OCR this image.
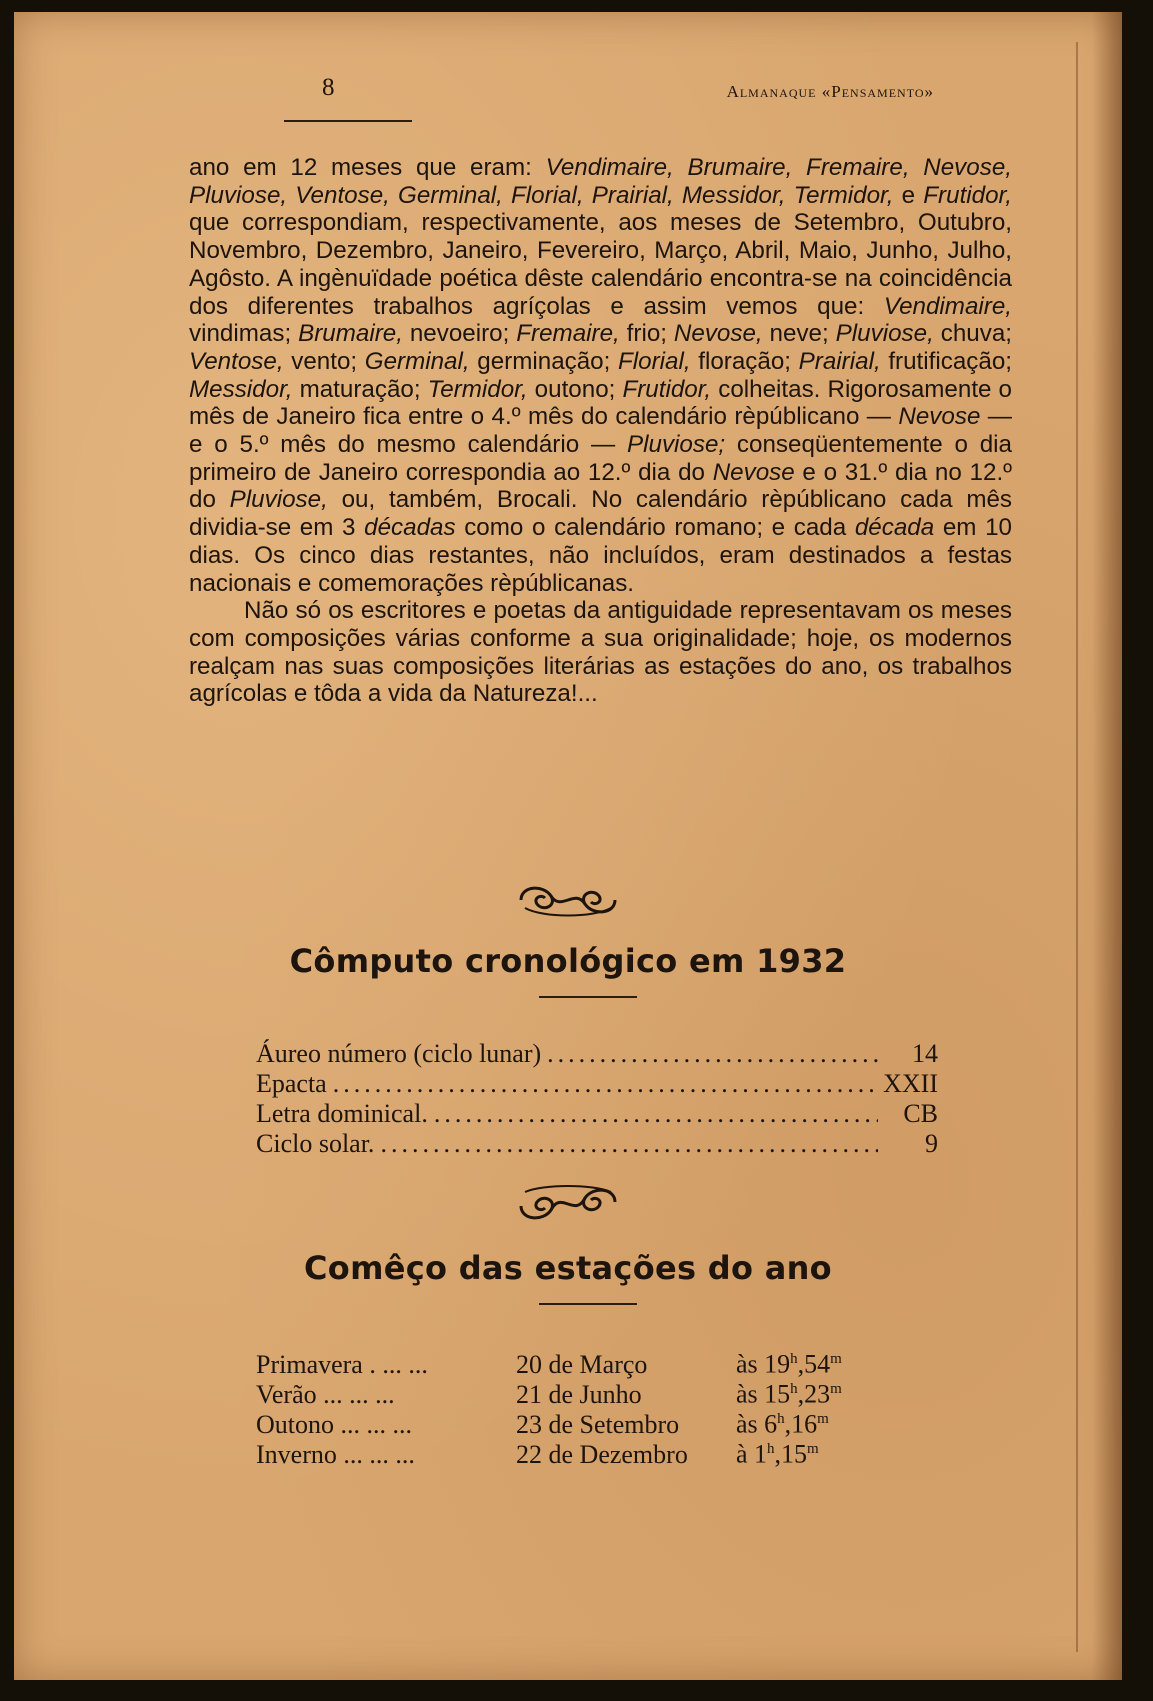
8	Almanaque «Pensamento»

ano em 12 meses que eram: Vendimaire, Brumaire, Fremaire, Nevose, Pluviose, Ventose, Germinal, Florial, Prairial, Messidor, Termidor, e Frutidor, que correspondiam, respectivamente, aos meses de Setembro, Outubro, Novembro, Dezembro, Janeiro, Fevereiro, Março, Abril, Maio, Junho, Julho, Agôsto. A ingènuïdade poética dêste calendário encontra-se na coincidência dos diferentes trabalhos agríçolas e assim vemos que: Vendimaire, vindimas; Brumaire, nevoeiro; Fremaire, frio; Nevose, neve; Pluviose, chuva; Ventose, vento; Germinal, germinação; Florial, floração; Prairial, frutificação; Messidor, maturação; Termidor, outono; Frutidor, colheitas. Rigorosamente o mês de Janeiro fica entre o 4.º mês do calendário rèpúblicano — Nevose — e o 5.º mês do mesmo calendário — Pluviose; conseqüentemente o dia primeiro de Janeiro correspondia ao 12.º dia do Nevose e o 31.º dia no 12.º do Pluviose, ou, também, Brocali. No calendário rèpúblicano cada mês dividia-se em 3 décadas como o calendário romano; e cada década em 10 dias. Os cinco dias restantes, não incluídos, eram destinados a festas nacionais e comemorações rèpúblicanas.

Não só os escritores e poetas da antiguidade representavam os meses com composições várias conforme a sua originalidade; hoje, os modernos realçam nas suas composições literárias as estações do ano, os trabalhos agrícolas e tôda a vida da Natureza!...

Cômputo cronológico em 1932
Áureo número (ciclo lunar) .....	14
Epacta .....	XXII
Letra dominical. .....	CB
Ciclo solar. .....	9
Comêço das estações do ano
Primavera . ... ...	20 de Março	às 19$^h$,54$^m$
Verão ... ... ...	21 de Junho	às 15$^h$,23$^m$
Outono ... ... ...	23 de Setembro	às 6$^h$,16$^m$
Inverno ... ... ...	22 de Dezembro	à 1$^h$,15$^m$
